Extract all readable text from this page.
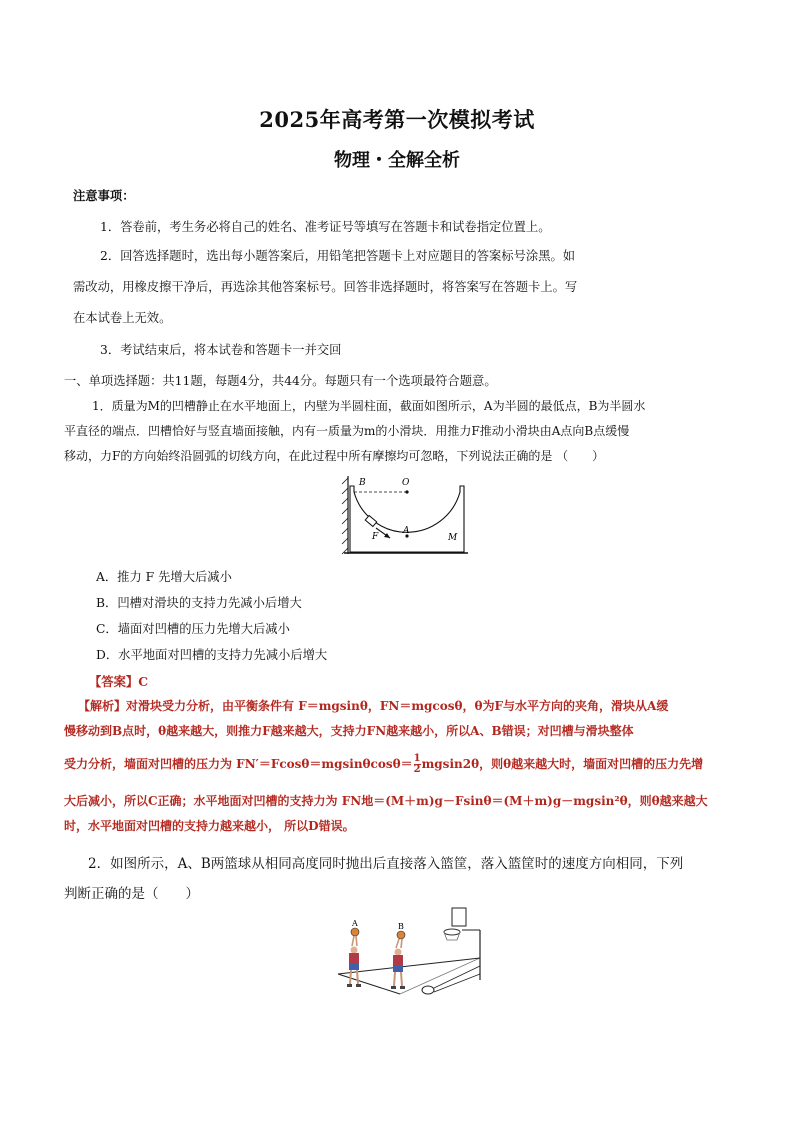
2025年高考第一次模拟考试
物理・全解全析
注意事项：
1．答卷前，考生务必将自己的姓名、准考证号等填写在答题卡和试卷指定位置上。
2．回答选择题时，选出每小题答案后，用铅笔把答题卡上对应题目的答案标号涂黑。如
需改动，用橡皮擦干净后，再选涂其他答案标号。回答非选择题时，将答案写在答题卡上。写
在本试卷上无效。
3．考试结束后，将本试卷和答题卡一并交回
一、单项选择题：共11题，每题4分，共44分。每题只有一个选项最符合题意。
1．质量为M的凹槽静止在水平地面上，内壁为半圆柱面，截面如图所示，A为半圆的最低点，B为半圆水
平直径的端点．凹槽恰好与竖直墙面接触，内有一质量为m的小滑块．用推力F推动小滑块由A点向B点缓慢
移动，力F的方向始终沿圆弧的切线方向，在此过程中所有摩擦均可忽略，下列说法正确的是 （　　）
B	O
A
F	M
A．推力 F 先增大后减小
B．凹槽对滑块的支持力先减小后增大
C．墙面对凹槽的压力先增大后减小
D．水平地面对凹槽的支持力先减小后增大
【答案】C
【解析】对滑块受力分析，由平衡条件有 F＝mgsinθ，FN＝mgcosθ，θ为F与水平方向的夹角，滑块从A缓
慢移动到B点时，θ越来越大，则推力F越来越大，支持力FN越来越小，所以A、B错误；对凹槽与滑块整体
受力分析，墙面对凹槽的压力为 $FN'=Fcos\theta=mgsin\theta\cos\theta= \frac{1}{2} mgsin2\theta$，则θ越来越大时，墙面对凹槽的压力先增
大后减小，所以C正确；水平地面对凹槽的支持力为 FN地＝(M＋m)g－Fsinθ＝(M＋m)g－mgsin²θ，则θ越来越大
时，水平地面对凹槽的支持力越来越小， 所以D错误。
2．如图所示，A、B两篮球从相同高度同时抛出后直接落入篮筐，落入篮筐时的速度方向相同，下列
判断正确的是（　　）
A	B
